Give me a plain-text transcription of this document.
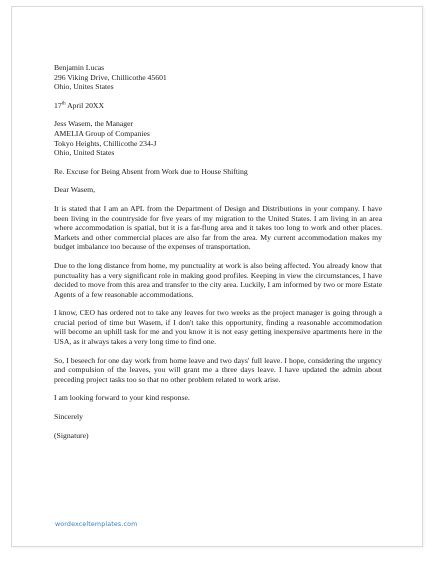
Benjamin Lucas
296 Viking Drive, Chillicothe 45601
Ohio, Unites States
17th April 20XX
Jess Wasem, the Manager
AMELIA Group of Companies
Tokyo Heights, Chillicothe 234-J
Ohio, United States
Re. Excuse for Being Absent from Work due to House Shifting
Dear Wasem,

It is stated that I am an APL from the Department of Design and Distributions in your company. I have been living in the countryside for five years of my migration to the United States. I am living in an area where accommodation is spatial, but it is a far-flung area and it takes too long to work and other places. Markets and other commercial places are also far from the area. My current accommodation makes my budget imbalance too because of the expenses of transportation.

Due to the long distance from home, my punctuality at work is also being affected. You already know that punctuality has a very significant role in making good profiles. Keeping in view the circumstances, I have decided to move from this area and transfer to the city area. Luckily, I am informed by two or more Estate Agents of a few reasonable accommodations.

I know, CEO has ordered not to take any leaves for two weeks as the project manager is going through a crucial period of time but Wasem, if I don't take this opportunity, finding a reasonable accommodation will become an uphill task for me and you know it is not easy getting inexpensive apartments here in the USA, as it always takes a very long time to find one.

So, I beseech for one day work from home leave and two days' full leave. I hope, considering the urgency and compulsion of the leaves, you will grant me a three days leave. I have updated the admin about preceding project tasks too so that no other problem related to work arise.

I am looking forward to your kind response.

Sincerely
(Signature)
wordexceltemplates.com
